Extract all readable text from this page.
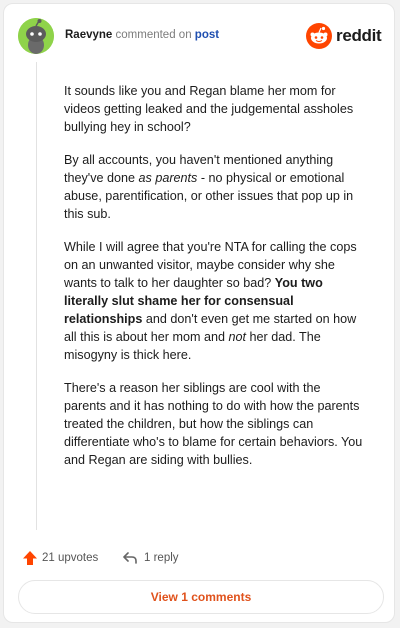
Raevyne commented on post	reddit

It sounds like you and Regan blame her mom for videos getting leaked and the judgemental assholes bullying hey in school?

By all accounts, you haven't mentioned anything they've done as parents - no physical or emotional abuse, parentification, or other issues that pop up in this sub.

While I will agree that you're NTA for calling the cops on an unwanted visitor, maybe consider why she wants to talk to her daughter so bad? You two literally slut shame her for consensual relationships and don't even get me started on how all this is about her mom and not her dad. The misogyny is thick here.

There's a reason her siblings are cool with the parents and it has nothing to do with how the parents treated the children, but how the siblings can differentiate who's to blame for certain behaviors. You and Regan are siding with bullies.

21 upvotes	1 reply
View 1 comments
